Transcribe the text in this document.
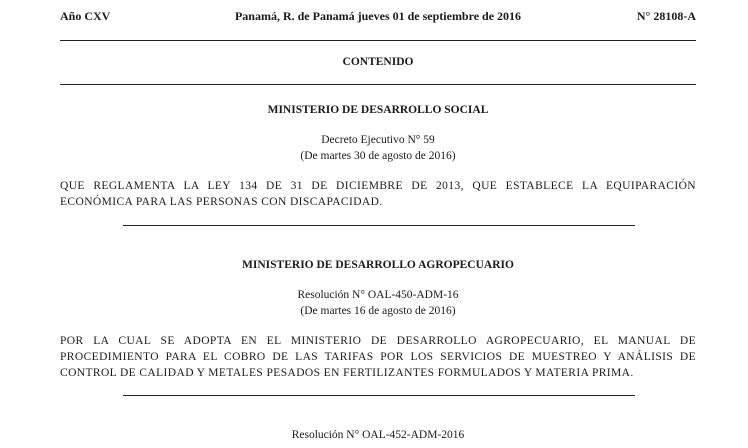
Año CXV	Panamá, R. de Panamá jueves 01 de septiembre de 2016	N° 28108-A
CONTENIDO
MINISTERIO DE DESARROLLO SOCIAL
Decreto Ejecutivo N° 59
(De martes 30 de agosto de 2016)
QUE REGLAMENTA LA LEY 134 DE 31 DE DICIEMBRE DE 2013, QUE ESTABLECE LA EQUIPARACIÓN
ECONÓMICA PARA LAS PERSONAS CON DISCAPACIDAD.
MINISTERIO DE DESARROLLO AGROPECUARIO
Resolución N° OAL-450-ADM-16
(De martes 16 de agosto de 2016)
POR LA CUAL SE ADOPTA EN EL MINISTERIO DE DESARROLLO AGROPECUARIO, EL MANUAL DE
PROCEDIMIENTO PARA EL COBRO DE LAS TARIFAS POR LOS SERVICIOS DE MUESTREO Y ANÁLISIS DE
CONTROL DE CALIDAD Y METALES PESADOS EN FERTILIZANTES FORMULADOS Y MATERIA PRIMA.
Resolución N° OAL-452-ADM-2016
